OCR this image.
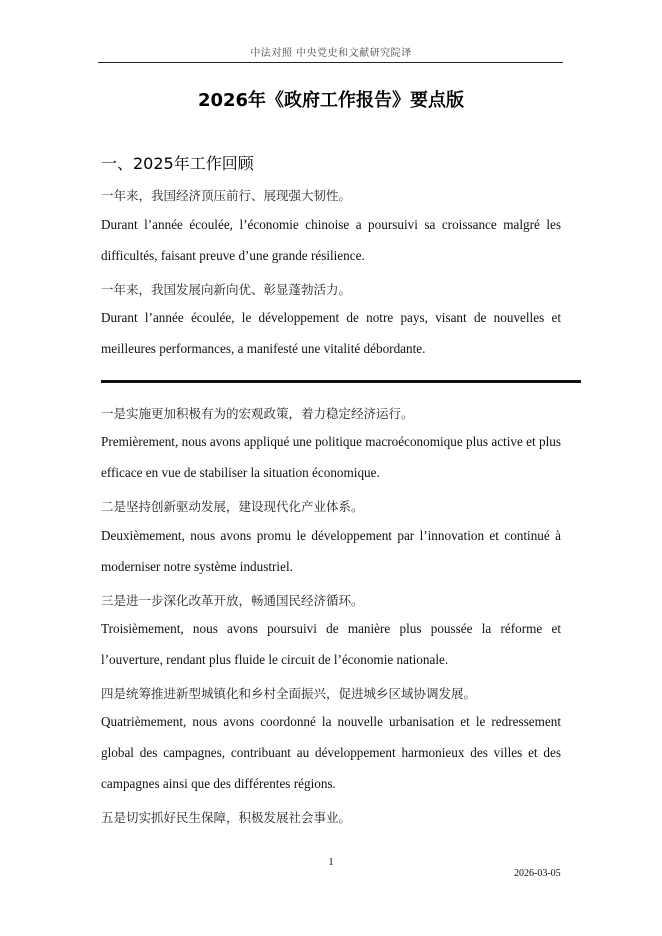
中法对照 中央党史和文献研究院译
2026年《政府工作报告》要点版
一、2025年工作回顾
一年来，我国经济顶压前行、展现强大韧性。
Durant l’année écoulée, l’économie chinoise a poursuivi sa croissance malgré les difficultés, faisant preuve d’une grande résilience.
一年来，我国发展向新向优、彰显蓬勃活力。
Durant l’année écoulée, le développement de notre pays, visant de nouvelles et meilleures performances, a manifesté une vitalité débordante.
一是实施更加积极有为的宏观政策，着力稳定经济运行。
Premièrement, nous avons appliqué une politique macroéconomique plus active et plus efficace en vue de stabiliser la situation économique.
二是坚持创新驱动发展，建设现代化产业体系。
Deuxièmement, nous avons promu le développement par l’innovation et continué à moderniser notre système industriel.
三是进一步深化改革开放，畅通国民经济循环。
Troisièmement, nous avons poursuivi de manière plus poussée la réforme et l’ouverture, rendant plus fluide le circuit de l’économie nationale.
四是统筹推进新型城镇化和乡村全面振兴，促进城乡区域协调发展。
Quatrièmement, nous avons coordonné la nouvelle urbanisation et le redressement global des campagnes, contribuant au développement harmonieux des villes et des campagnes ainsi que des différentes régions.
五是切实抓好民生保障，积极发展社会事业。
1
2026-03-05
